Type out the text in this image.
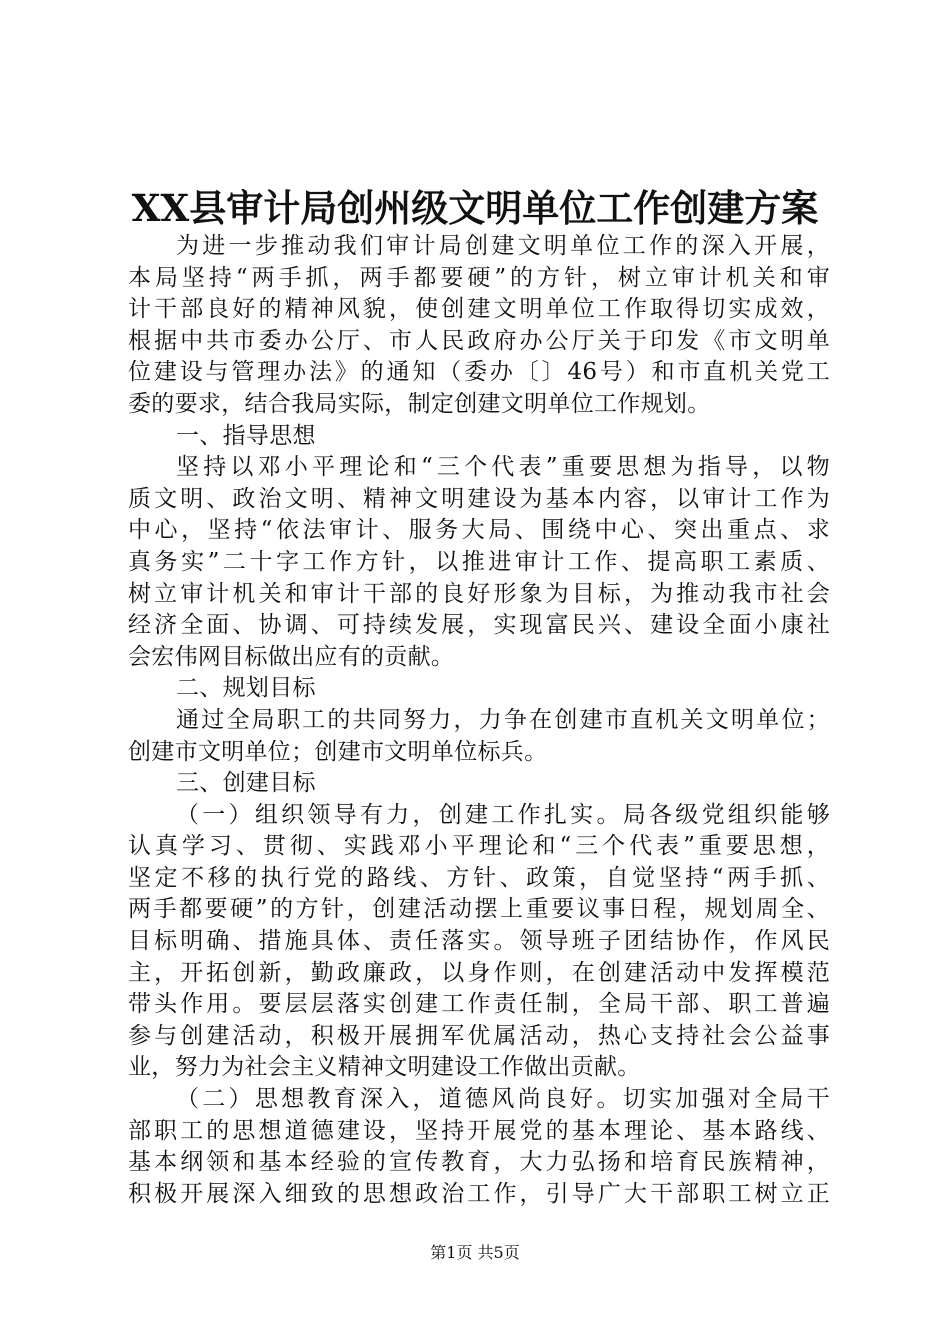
XX县审计局创州级文明单位工作创建方案
为进一步推动我们审计局创建文明单位工作的深入开展，
本局坚持“两手抓，两手都要硬”的方针，树立审计机关和审
计干部良好的精神风貌，使创建文明单位工作取得切实成效，
根据中共市委办公厅、市人民政府办公厅关于印发《市文明单
位建设与管理办法》的通知（委办〔〕46号）和市直机关党工
委的要求，结合我局实际，制定创建文明单位工作规划。
一、指导思想
坚持以邓小平理论和“三个代表”重要思想为指导，以物
质文明、政治文明、精神文明建设为基本内容，以审计工作为
中心，坚持“依法审计、服务大局、围绕中心、突出重点、求
真务实”二十字工作方针，以推进审计工作、提高职工素质、
树立审计机关和审计干部的良好形象为目标，为推动我市社会
经济全面、协调、可持续发展，实现富民兴、建设全面小康社
会宏伟网目标做出应有的贡献。
二、规划目标
通过全局职工的共同努力，力争在创建市直机关文明单位；
创建市文明单位；创建市文明单位标兵。
三、创建目标
（一）组织领导有力，创建工作扎实。局各级党组织能够
认真学习、贯彻、实践邓小平理论和“三个代表”重要思想，
坚定不移的执行党的路线、方针、政策，自觉坚持“两手抓、
两手都要硬”的方针，创建活动摆上重要议事日程，规划周全、
目标明确、措施具体、责任落实。领导班子团结协作，作风民
主，开拓创新，勤政廉政，以身作则，在创建活动中发挥模范
带头作用。要层层落实创建工作责任制，全局干部、职工普遍
参与创建活动，积极开展拥军优属活动，热心支持社会公益事
业，努力为社会主义精神文明建设工作做出贡献。
（二）思想教育深入，道德风尚良好。切实加强对全局干
部职工的思想道德建设，坚持开展党的基本理论、基本路线、
基本纲领和基本经验的宣传教育，大力弘扬和培育民族精神，
积极开展深入细致的思想政治工作，引导广大干部职工树立正
第1页 共5页
